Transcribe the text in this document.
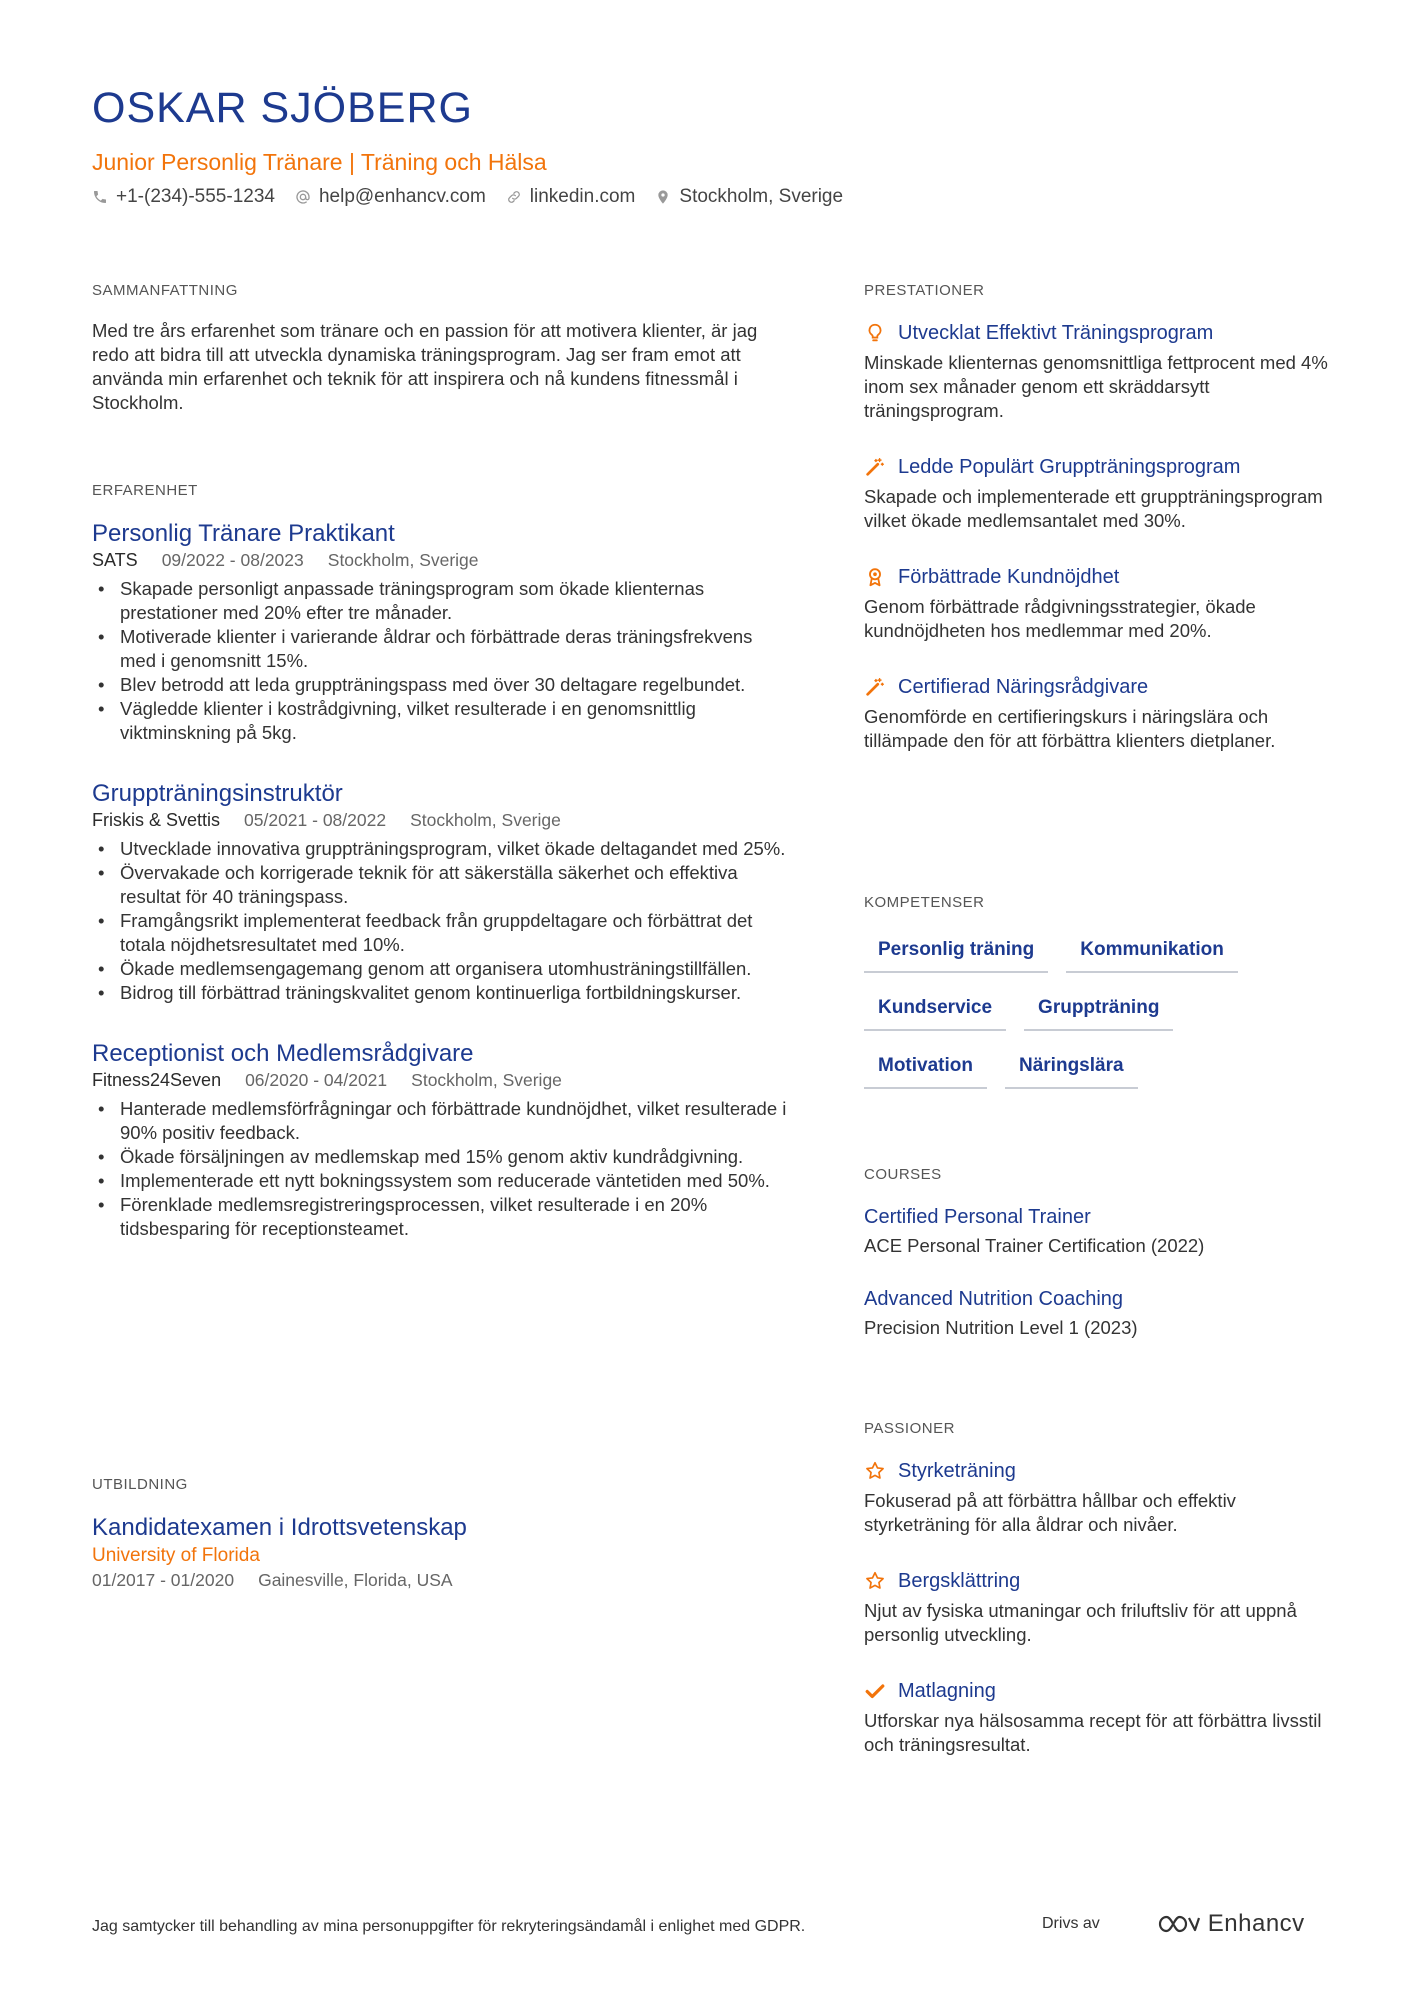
OSKAR SJÖBERG
Junior Personlig Tränare | Träning och Hälsa
+1-(234)-555-1234 help@enhancv.com linkedin.com Stockholm, Sverige
SAMMANFATTNING

Med tre års erfarenhet som tränare och en passion för att motivera klienter, är jag redo att bidra till att utveckla dynamiska träningsprogram. Jag ser fram emot att använda min erfarenhet och teknik för att inspirera och nå kundens fitnessmål i Stockholm.

ERFARENHET
Personlig Tränare Praktikant
SATS 09/2022 - 08/2023 Stockholm, Sverige
• Skapade personligt anpassade träningsprogram som ökade klienternas prestationer med 20% efter tre månader.
• Motiverade klienter i varierande åldrar och förbättrade deras träningsfrekvens med i genomsnitt 15%.
• Blev betrodd att leda gruppträningspass med över 30 deltagare regelbundet.
• Vägledde klienter i kostrådgivning, vilket resulterade i en genomsnittlig viktminskning på 5kg.
Gruppträningsinstruktör
Friskis & Svettis 05/2021 - 08/2022 Stockholm, Sverige
• Utvecklade innovativa gruppträningsprogram, vilket ökade deltagandet med 25%.
• Övervakade och korrigerade teknik för att säkerställa säkerhet och effektiva resultat för 40 träningspass.
• Framgångsrikt implementerat feedback från gruppdeltagare och förbättrat det totala nöjdhetsresultatet med 10%.
• Ökade medlemsengagemang genom att organisera utomhusträningstillfällen.
• Bidrog till förbättrad träningskvalitet genom kontinuerliga fortbildningskurser.
Receptionist och Medlemsrådgivare
Fitness24Seven 06/2020 - 04/2021 Stockholm, Sverige
• Hanterade medlemsförfrågningar och förbättrade kundnöjdhet, vilket resulterade i 90% positiv feedback.
• Ökade försäljningen av medlemskap med 15% genom aktiv kundrådgivning.
• Implementerade ett nytt bokningssystem som reducerade väntetiden med 50%.
• Förenklade medlemsregistreringsprocessen, vilket resulterade i en 20% tidsbesparing för receptionsteamet.
UTBILDNING
Kandidatexamen i Idrottsvetenskap
University of Florida
01/2017 - 01/2020 Gainesville, Florida, USA
PRESTATIONER
Utvecklat Effektivt Träningsprogram
Minskade klienternas genomsnittliga fettprocent med 4% inom sex månader genom ett skräddarsytt träningsprogram.
Ledde Populärt Gruppträningsprogram
Skapade och implementerade ett gruppträningsprogram vilket ökade medlemsantalet med 30%.
Förbättrade Kundnöjdhet
Genom förbättrade rådgivningsstrategier, ökade kundnöjdheten hos medlemmar med 20%.
Certifierad Näringsrådgivare
Genomförde en certifieringskurs i näringslära och tillämpade den för att förbättra klienters dietplaner.
KOMPETENSER
Personlig träning	Kommunikation
Kundservice	Gruppträning
Motivation	Näringslära
COURSES
Certified Personal Trainer
ACE Personal Trainer Certification (2022)
Advanced Nutrition Coaching
Precision Nutrition Level 1 (2023)
PASSIONER
Styrketräning
Fokuserad på att förbättra hållbar och effektiv styrketräning för alla åldrar och nivåer.
Bergsklättring
Njut av fysiska utmaningar och friluftsliv för att uppnå personlig utveckling.
Matlagning
Utforskar nya hälsosamma recept för att förbättra livsstil och träningsresultat.
Jag samtycker till behandling av mina personuppgifter för rekryteringsändamål i enlighet med GDPR.	Drivs av	Enhancv
